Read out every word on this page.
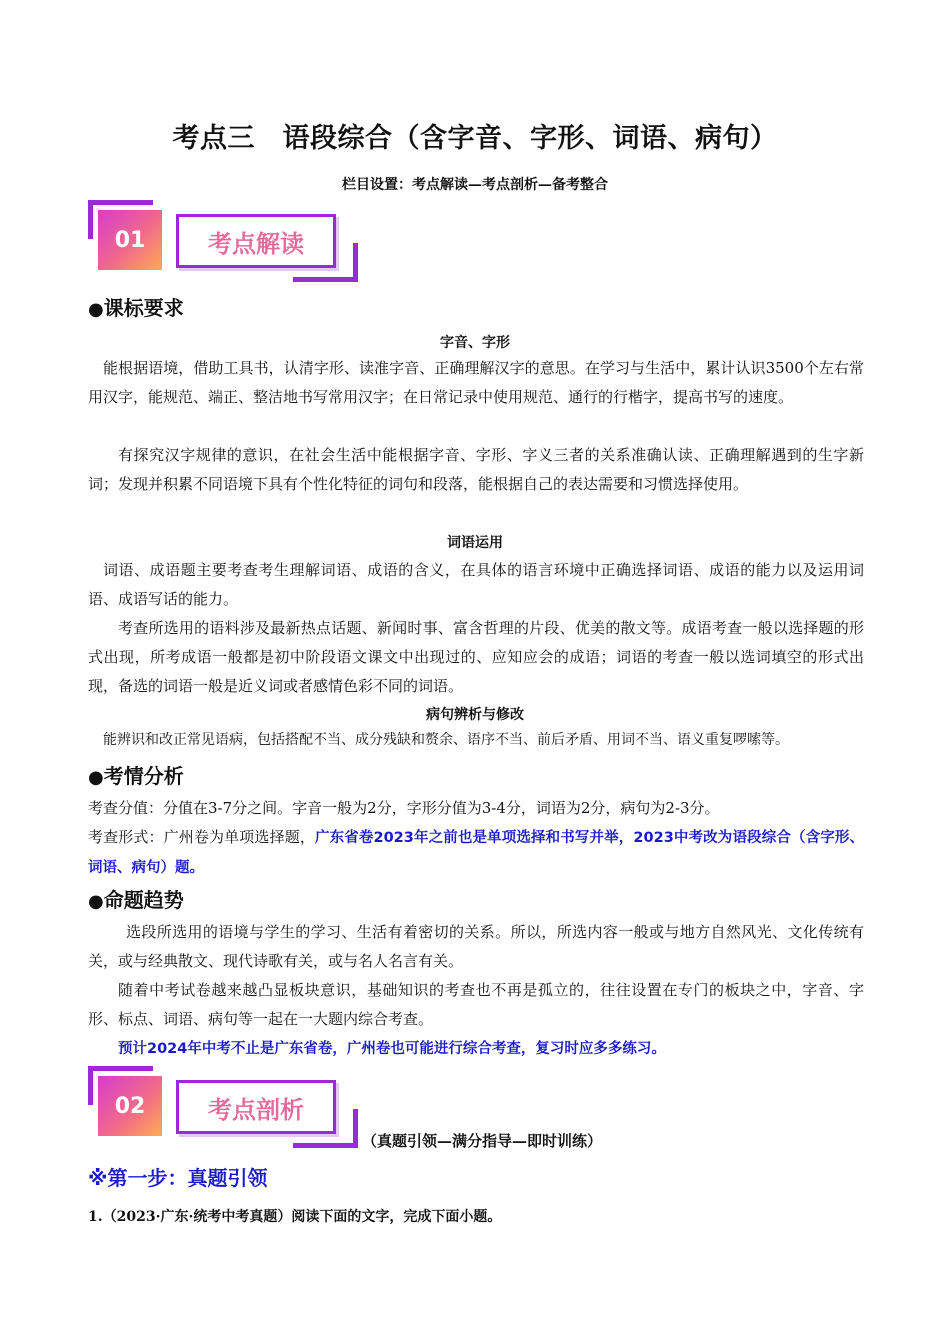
考点三　语段综合（含字音、字形、词语、病句）
栏目设置：考点解读—考点剖析—备考整合
01	考点解读
●课标要求
字音、字形
能根据语境，借助工具书，认清字形、读准字音、正确理解汉字的意思。在学习与生活中，累计认识3500个左右常用汉字，能规范、端正、整洁地书写常用汉字；在日常记录中使用规范、通行的行楷字，提高书写的速度。
有探究汉字规律的意识，在社会生活中能根据字音、字形、字义三者的关系准确认读、正确理解遇到的生字新词；发现并积累不同语境下具有个性化特征的词句和段落，能根据自己的表达需要和习惯选择使用。
词语运用
词语、成语题主要考查考生理解词语、成语的含义，在具体的语言环境中正确选择词语、成语的能力以及运用词语、成语写话的能力。
考查所选用的语料涉及最新热点话题、新闻时事、富含哲理的片段、优美的散文等。成语考查一般以选择题的形式出现，所考成语一般都是初中阶段语文课文中出现过的、应知应会的成语；词语的考查一般以选词填空的形式出现，备选的词语一般是近义词或者感情色彩不同的词语。
病句辨析与修改
能辨识和改正常见语病，包括搭配不当、成分残缺和赘余、语序不当、前后矛盾、用词不当、语义重复啰嗦等。
●考情分析
考查分值：分值在3-7分之间。字音一般为2分，字形分值为3-4分，词语为2分，病句为2-3分。
考查形式：广州卷为单项选择题，广东省卷2023年之前也是单项选择和书写并举，2023中考改为语段综合（含字形、词语、病句）题。
●命题趋势
选段所选用的语境与学生的学习、生活有着密切的关系。所以，所选内容一般或与地方自然风光、文化传统有关，或与经典散文、现代诗歌有关，或与名人名言有关。
随着中考试卷越来越凸显板块意识，基础知识的考查也不再是孤立的，往往设置在专门的板块之中，字音、字形、标点、词语、病句等一起在一大题内综合考查。
预计2024年中考不止是广东省卷，广州卷也可能进行综合考查，复习时应多多练习。
02	考点剖析
（真题引领—满分指导—即时训练）
※第一步：真题引领
1.（2023·广东·统考中考真题）阅读下面的文字，完成下面小题。
